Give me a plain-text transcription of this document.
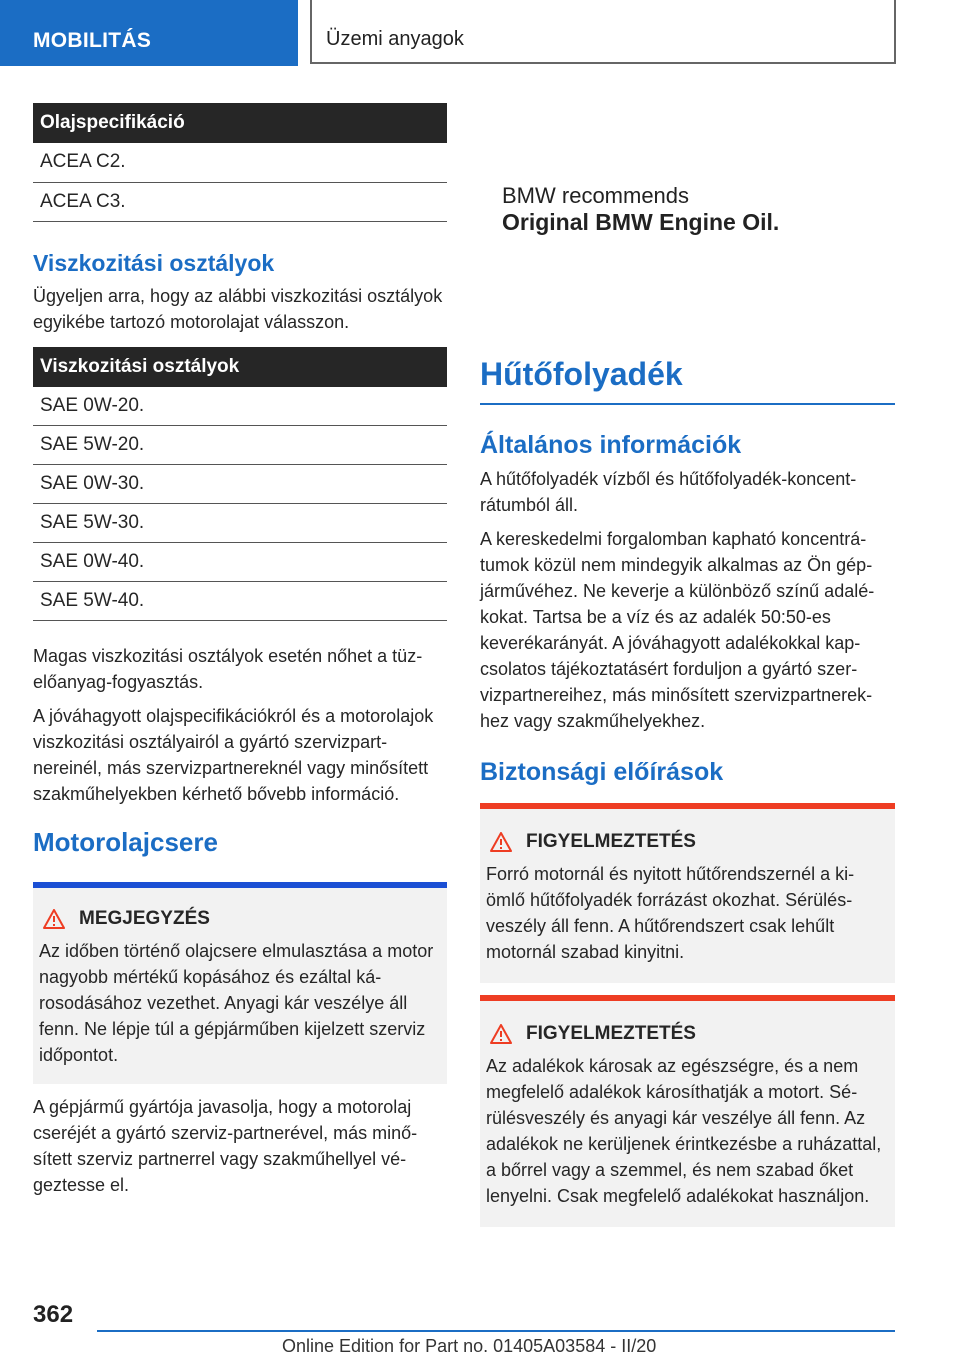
MOBILITÁS	Üzemi anyagok
Olajspecifikáció
ACEA C2.
ACEA C3.
Viszkozitási osztályok

Ügyeljen arra, hogy az alábbi viszkozitási osztályok egyikébe tartozó motorolajat válasszon.

Viszkozitási osztályok
SAE 0W-20.
SAE 5W-20.
SAE 0W-30.
SAE 5W-30.
SAE 0W-40.
SAE 5W-40.

Magas viszkozitási osztályok esetén nőhet a tüzelőanyag-fogyasztás.

A jóváhagyott olajspecifikációkról és a motorolajok viszkozitási osztályairól a gyártó szervizpartnereinél, más szervizpartnereknél vagy minősített szakműhelyekben kérhető bővebb információ.

Motorolajcsere
MEGJEGYZÉS

Az időben történő olajcsere elmulasztása a motor nagyobb mértékű kopásához és ezáltal károsodásához vezethet. Anyagi kár veszélye áll fenn. Ne lépje túl a gépjárműben kijelzett szerviz időpontot.

A gépjármű gyártója javasolja, hogy a motorolaj cseréjét a gyártó szerviz-partnerével, más minősített szerviz partnerrel vagy szakműhellyel végeztesse el.

BMW recommends
Original BMW Engine Oil.
Hűtőfolyadék
Általános információk

A hűtőfolyadék vízből és hűtőfolyadék-koncentrátumból áll.

A kereskedelmi forgalomban kapható koncentrátumok közül nem mindegyik alkalmas az Ön gépjárművéhez. Ne keverje a különböző színű adalékokat. Tartsa be a víz és az adalék 50:50-es keverékarányát. A jóváhagyott adalékokkal kapcsolatos tájékoztatásért forduljon a gyártó szervizpartnereihez, más minősített szervizpartnerekhez vagy szakműhelyekhez.

Biztonsági előírások
FIGYELMEZTETÉS

Forró motornál és nyitott hűtőrendszernél a kiömlő hűtőfolyadék forrázást okozhat. Sérülésveszély áll fenn. A hűtőrendszert csak lehűlt motornál szabad kinyitni.

FIGYELMEZTETÉS

Az adalékok károsak az egészségre, és a nem megfelelő adalékok károsíthatják a motort. Sérülésveszély és anyagi kár veszélye áll fenn. Az adalékok ne kerüljenek érintkezésbe a ruházattal, a bőrrel vagy a szemmel, és nem szabad őket lenyelni. Csak megfelelő adalékokat használjon.

362
Online Edition for Part no. 01405A03584 - II/20
